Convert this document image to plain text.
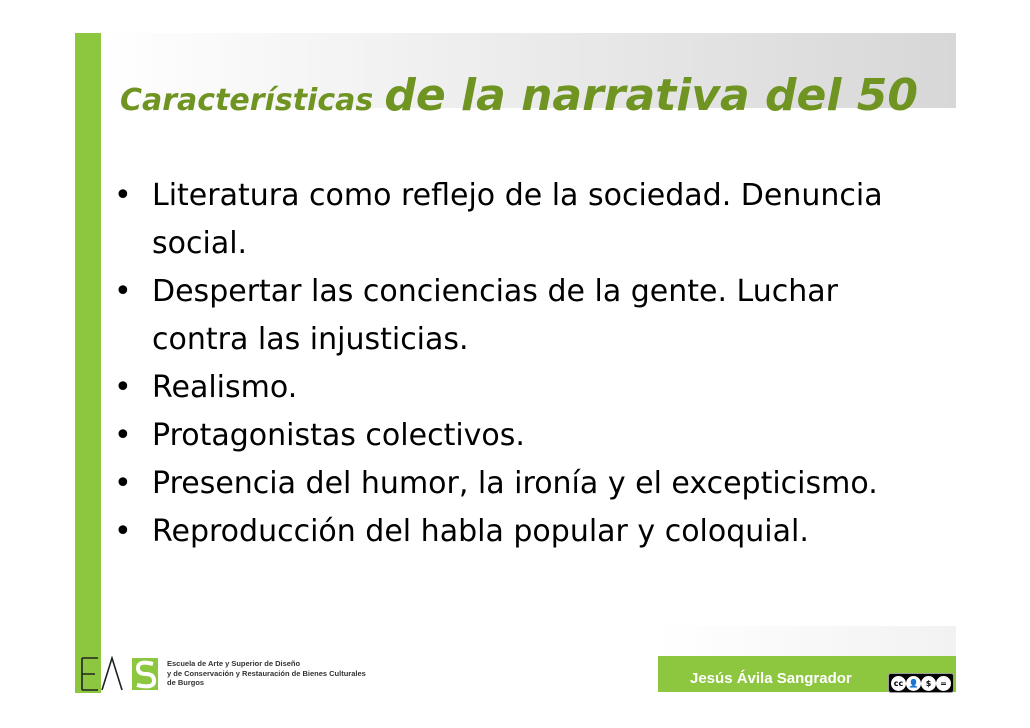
Características de la narrativa del 50
• Literatura como reflejo de la sociedad. Denuncia
social.
• Despertar las conciencias de la gente. Luchar
contra las injusticias.
• Realismo.
• Protagonistas colectivos.
• Presencia del humor, la ironía y el excepticismo.
• Reproducción del habla popular y coloquial.
Escuela de Arte y Superior de Diseño
y de Conservación y Restauración de Bienes Culturales
de Burgos	Jesús Ávila Sangrador	cc 👤 $	=
